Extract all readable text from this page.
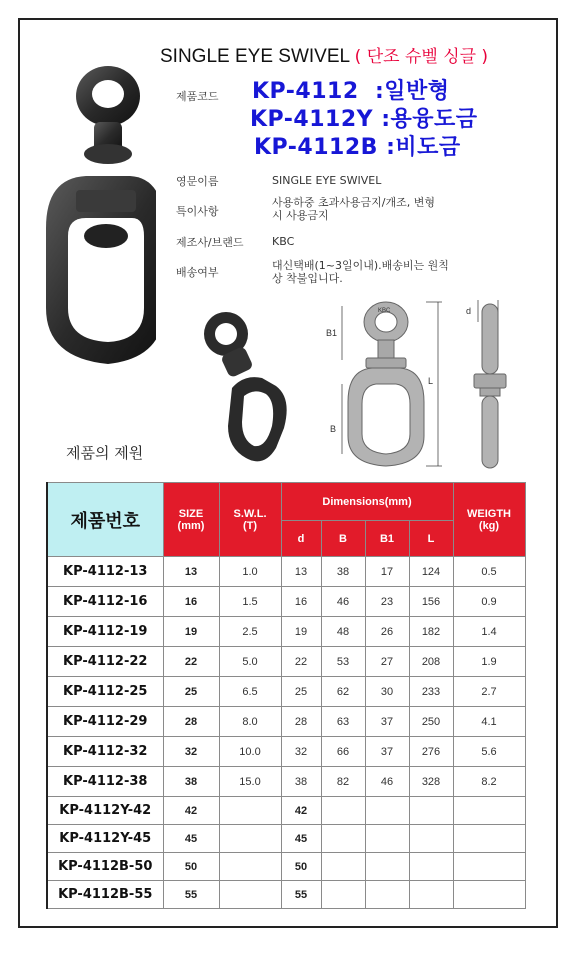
SINGLE EYE SWIVEL ( 단조 슈벨 싱글 )
제품코드 KP-4112  :일반형
KP-4112Y :용융도금
KP-4112B :비도금
영문이름	SINGLE EYE SWIVEL
특이사항
사용하중 초과사용금지/개조, 변형
시 사용금지
제조사/브랜드	KBC
배송여부
대신택배(1~3일이내).배송비는 원칙
상 착불입니다.
KBC
B1
B
L
d
제품의 제원
제품번호	SIZE
(mm)	S.W.L.
(T)	Dimensions(mm)				WEIGTH
(kg)
			d	B	B1	L	
KP-4112-13	13	1.0	13	38	17	124	0.5
KP-4112-16	16	1.5	16	46	23	156	0.9
KP-4112-19	19	2.5	19	48	26	182	1.4
KP-4112-22	22	5.0	22	53	27	208	1.9
KP-4112-25	25	6.5	25	62	30	233	2.7
KP-4112-29	28	8.0	28	63	37	250	4.1
KP-4112-32	32	10.0	32	66	37	276	5.6
KP-4112-38	38	15.0	38	82	46	328	8.2
KP-4112Y-42	42		42				
KP-4112Y-45	45		45				
KP-4112B-50	50		50				
KP-4112B-55	55		55				
